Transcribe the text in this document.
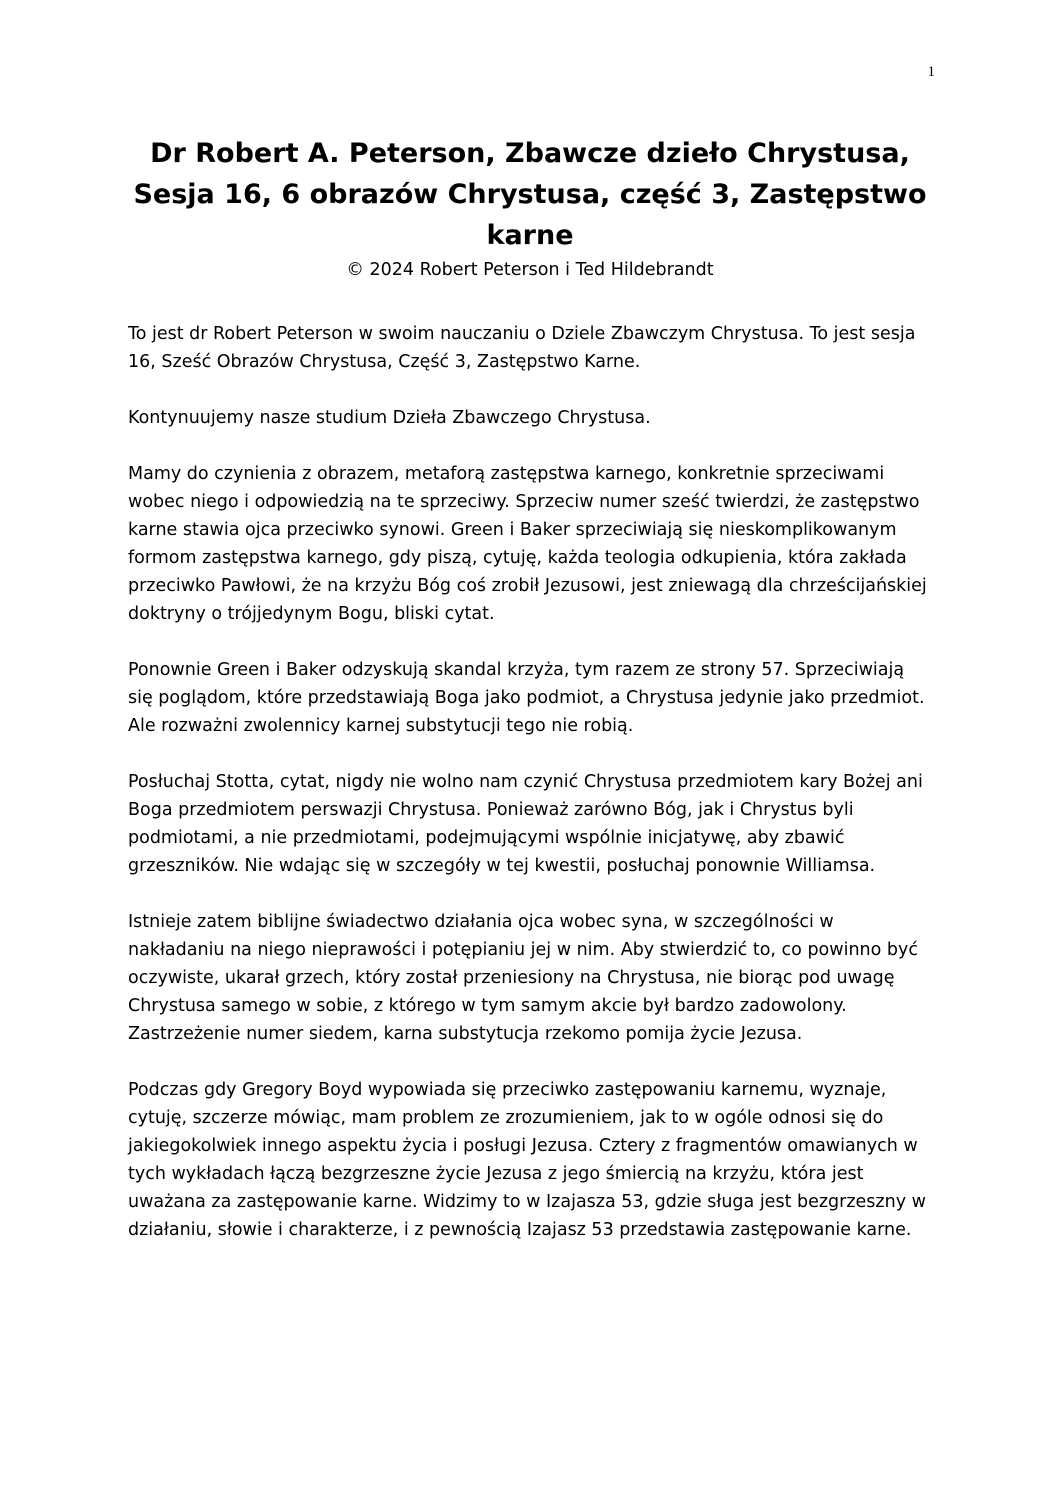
1
Dr Robert A. Peterson, Zbawcze dzieło Chrystusa, Sesja 16, 6 obrazów Chrystusa, część 3, Zastępstwo karne

© 2024 Robert Peterson i Ted Hildebrandt

To jest dr Robert Peterson w swoim nauczaniu o Dziele Zbawczym Chrystusa. To jest sesja 16, Sześć Obrazów Chrystusa, Część 3, Zastępstwo Karne.

Kontynuujemy nasze studium Dzieła Zbawczego Chrystusa.

Mamy do czynienia z obrazem, metaforą zastępstwa karnego, konkretnie sprzeciwami wobec niego i odpowiedzią na te sprzeciwy. Sprzeciw numer sześć twierdzi, że zastępstwo karne stawia ojca przeciwko synowi. Green i Baker sprzeciwiają się nieskomplikowanym formom zastępstwa karnego, gdy piszą, cytuję, każda teologia odkupienia, która zakłada przeciwko Pawłowi, że na krzyżu Bóg coś zrobił Jezusowi, jest zniewagą dla chrześcijańskiej doktryny o trójjedynym Bogu, bliski cytat.

Ponownie Green i Baker odzyskują skandal krzyża, tym razem ze strony 57. Sprzeciwiają się poglądom, które przedstawiają Boga jako podmiot, a Chrystusa jedynie jako przedmiot. Ale rozważni zwolennicy karnej substytucji tego nie robią.

Posłuchaj Stotta, cytat, nigdy nie wolno nam czynić Chrystusa przedmiotem kary Bożej ani Boga przedmiotem perswazji Chrystusa. Ponieważ zarówno Bóg, jak i Chrystus byli podmiotami, a nie przedmiotami, podejmującymi wspólnie inicjatywę, aby zbawić grzeszników. Nie wdając się w szczegóły w tej kwestii, posłuchaj ponownie Williamsa.

Istnieje zatem biblijne świadectwo działania ojca wobec syna, w szczególności w nakładaniu na niego nieprawości i potępianiu jej w nim. Aby stwierdzić to, co powinno być oczywiste, ukarał grzech, który został przeniesiony na Chrystusa, nie biorąc pod uwagę Chrystusa samego w sobie, z którego w tym samym akcie był bardzo zadowolony. Zastrzeżenie numer siedem, karna substytucja rzekomo pomija życie Jezusa.

Podczas gdy Gregory Boyd wypowiada się przeciwko zastępowaniu karnemu, wyznaje, cytuję, szczerze mówiąc, mam problem ze zrozumieniem, jak to w ogóle odnosi się do jakiegokolwiek innego aspektu życia i posługi Jezusa. Cztery z fragmentów omawianych w tych wykładach łączą bezgrzeszne życie Jezusa z jego śmiercią na krzyżu, która jest uważana za zastępowanie karne. Widzimy to w Izajasza 53, gdzie sługa jest bezgrzeszny w działaniu, słowie i charakterze, i z pewnością Izajasz 53 przedstawia zastępowanie karne.
